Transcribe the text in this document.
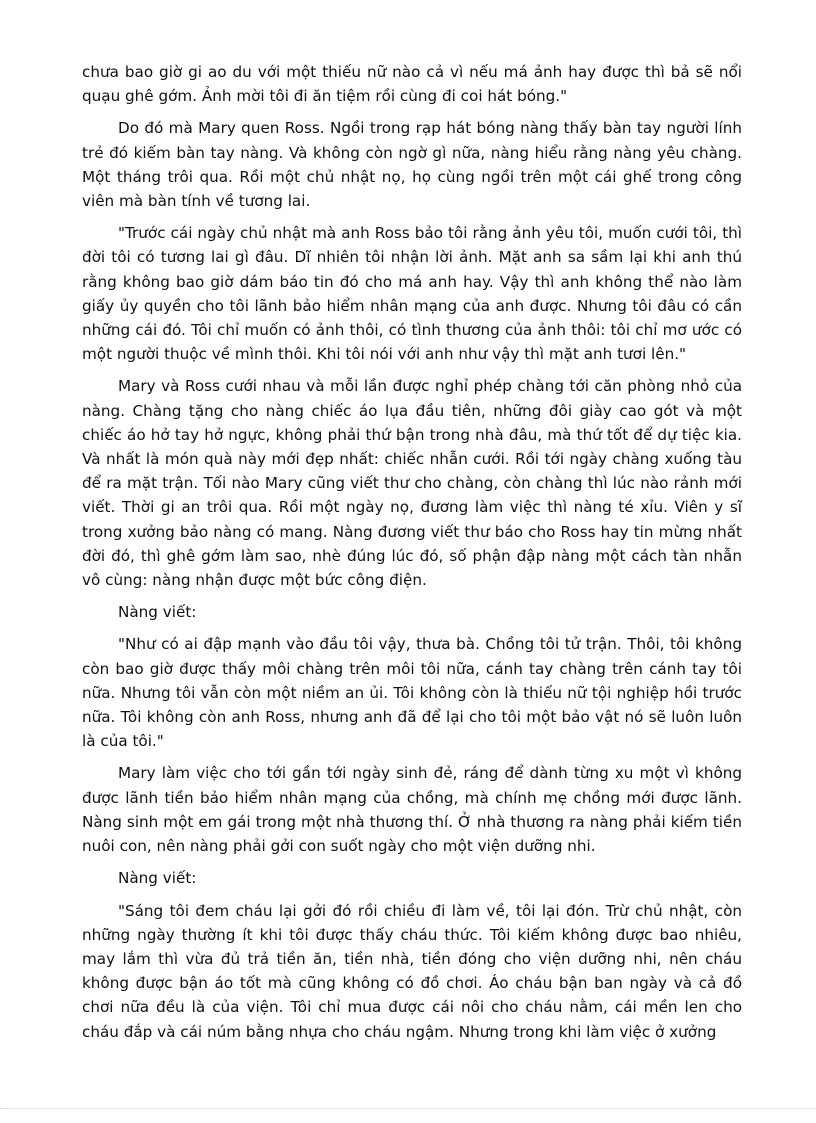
chưa bao giờ gi ao du với một thiếu nữ nào cả vì nếu má ảnh hay được thì bả sẽ nổi quạu ghê gớm. Ảnh mời tôi đi ăn tiệm rồi cùng đi coi hát bóng."

Do đó mà Mary quen Ross. Ngồi trong rạp hát bóng nàng thấy bàn tay người lính trẻ đó kiếm bàn tay nàng. Và không còn ngờ gì nữa, nàng hiểu rằng nàng yêu chàng. Một tháng trôi qua. Rồi một chủ nhật nọ, họ cùng ngồi trên một cái ghế trong công viên mà bàn tính về tương lai.

"Trước cái ngày chủ nhật mà anh Ross bảo tôi rằng ảnh yêu tôi, muốn cưới tôi, thì đời tôi có tương lai gì đâu. Dĩ nhiên tôi nhận lời ảnh. Mặt anh sa sầm lại khi anh thú rằng không bao giờ dám báo tin đó cho má anh hay. Vậy thì anh không thể nào làm giấy ủy quyền cho tôi lãnh bảo hiểm nhân mạng của anh được. Nhưng tôi đâu có cần những cái đó. Tôi chỉ muốn có ảnh thôi, có tình thương của ảnh thôi: tôi chỉ mơ ước có một người thuộc về mình thôi. Khi tôi nói với anh như vậy thì mặt anh tươi lên."

Mary và Ross cưới nhau và mỗi lần được nghỉ phép chàng tới căn phòng nhỏ của nàng. Chàng tặng cho nàng chiếc áo lụa đầu tiên, những đôi giày cao gót và một chiếc áo hở tay hở ngực, không phải thứ bận trong nhà đâu, mà thứ tốt để dự tiệc kia. Và nhất là món quà này mới đẹp nhất: chiếc nhẫn cưới. Rồi tới ngày chàng xuống tàu để ra mặt trận. Tối nào Mary cũng viết thư cho chàng, còn chàng thì lúc nào rảnh mới viết. Thời gi an trôi qua. Rồi một ngày nọ, đương làm việc thì nàng té xỉu. Viên y sĩ trong xưởng bảo nàng có mang. Nàng đương viết thư báo cho Ross hay tin mừng nhất đời đó, thì ghê gớm làm sao, nhè đúng lúc đó, số phận đập nàng một cách tàn nhẫn vô cùng: nàng nhận được một bức công điện.

Nàng viết:

"Như có ai đập mạnh vào đầu tôi vậy, thưa bà. Chồng tôi tử trận. Thôi, tôi không còn bao giờ được thấy môi chàng trên môi tôi nữa, cánh tay chàng trên cánh tay tôi nữa. Nhưng tôi vẫn còn một niềm an ủi. Tôi không còn là thiếu nữ tội nghiệp hồi trước nữa. Tôi không còn anh Ross, nhưng anh đã để lại cho tôi một bảo vật nó sẽ luôn luôn là của tôi."

Mary làm việc cho tới gần tới ngày sinh đẻ, ráng để dành từng xu một vì không được lãnh tiền bảo hiểm nhân mạng của chồng, mà chính mẹ chồng mới được lãnh. Nàng sinh một em gái trong một nhà thương thí. Ở nhà thương ra nàng phải kiếm tiền nuôi con, nên nàng phải gởi con suốt ngày cho một viện dưỡng nhi.

Nàng viết:

"Sáng tôi đem cháu lại gởi đó rồi chiều đi làm về, tôi lại đón. Trừ chủ nhật, còn những ngày thường ít khi tôi được thấy cháu thức. Tôi kiếm không được bao nhiêu, may lắm thì vừa đủ trả tiền ăn, tiền nhà, tiền đóng cho viện dưỡng nhi, nên cháu không được bận áo tốt mà cũng không có đồ chơi. Áo cháu bận ban ngày và cả đồ chơi nữa đều là của viện. Tôi chỉ mua được cái nôi cho cháu nằm, cái mền len cho cháu đắp và cái núm bằng nhựa cho cháu ngậm. Nhưng trong khi làm việc ở xưởng
